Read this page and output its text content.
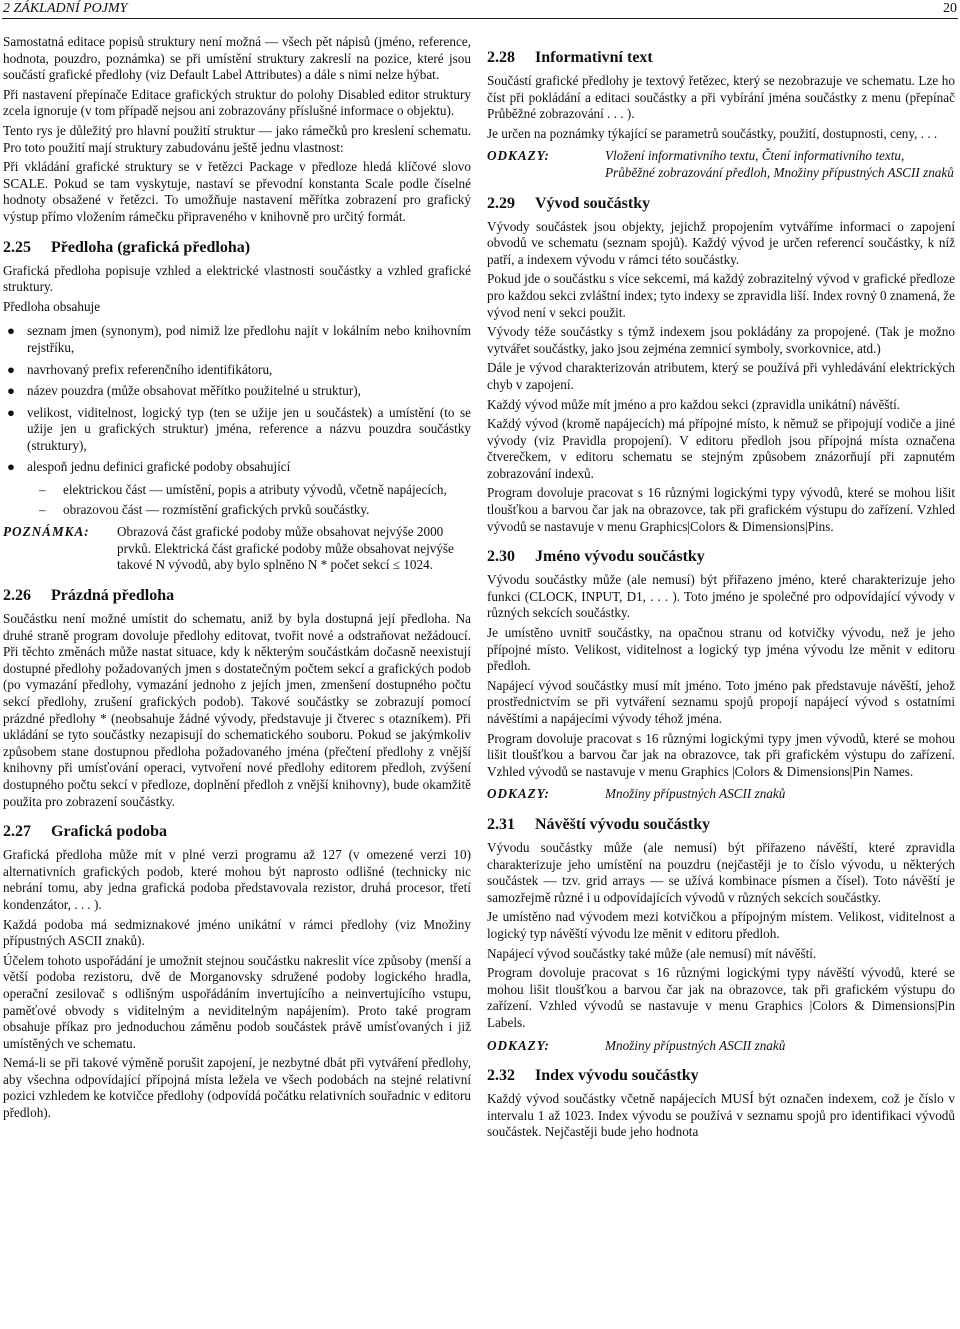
2 ZÁKLADNÍ POJMY	20

Samostatná editace popisů struktury není možná — všech pět nápisů (jméno, reference, hodnota, pouzdro, poznámka) se při umístění struktury zakreslí na pozice, které jsou součástí grafické předlohy (viz Default Label Attributes) a dále s nimi nelze hýbat.

Při nastavení přepínače Editace grafických struktur do polohy Disabled editor struktury zcela ignoruje (v tom případě nejsou ani zobrazovány příslušné informace o objektu).

Tento rys je důležitý pro hlavní použití struktur — jako rámečků pro kreslení schematu. Pro toto použití mají struktury zabudovánu ještě jednu vlastnost:

Při vkládání grafické struktury se v řetězci Package v předloze hledá klíčové slovo SCALE. Pokud se tam vyskytuje, nastaví se převodní konstanta Scale podle číselné hodnoty obsažené v řetězci. To umožňuje nastavení měřítka zobrazení pro grafický výstup přímo vložením rámečku připraveného v knihovně pro určitý formát.

2.25 Předloha (grafická předloha)

Grafická předloha popisuje vzhled a elektrické vlastnosti součástky a vzhled grafické struktury.

Předloha obsahuje

● seznam jmen (synonym), pod nimiž lze předlohu najít v lokálním nebo knihovním rejstříku,
● navrhovaný prefix referenčního identifikátoru,
● název pouzdra (může obsahovat měřítko použitelné u struktur),
● velikost, viditelnost, logický typ (ten se užije jen u součástek) a umístění (to se užije jen u grafických struktur) jména, reference a názvu pouzdra součástky (struktury),
● alespoň jednu definici grafické podoby obsahující
– elektrickou část — umístění, popis a atributy vývodů, včetně napájecích,
– obrazovou část — rozmístění grafických prvků součástky.
POZNÁMKA:	Obrazová část grafické podoby může obsahovat nejvýše 2000 prvků. Elektrická část grafické podoby může obsahovat nejvýše takové N vývodů, aby bylo splněno N * počet sekcí ≤ 1024.
2.26 Prázdná předloha

Součástku není možné umístit do schematu, aniž by byla dostupná její předloha. Na druhé straně program dovoluje předlohy editovat, tvořit nové a odstraňovat nežádoucí. Při těchto změnách může nastat situace, kdy k některým součástkám dočasně neexistují dostupné předlohy požadovaných jmen s dostatečným počtem sekcí a grafických podob (po vymazání předlohy, vymazání jednoho z jejích jmen, zmenšení dostupného počtu sekcí předlohy, zrušení grafických podob). Takové součástky se zobrazují pomocí prázdné předlohy * (neobsahuje žádné vývody, představuje ji čtverec s otazníkem). Při ukládání se tyto součástky nezapisují do schematického souboru. Pokud se jakýmkoliv způsobem stane dostupnou předloha požadovaného jména (přečtení předlohy z vnější knihovny při umísťování operaci, vytvoření nové předlohy editorem předloh, zvýšení dostupného počtu sekcí v předloze, doplnění předloh z vnější knihovny), bude okamžitě použita pro zobrazení součástky.

2.27 Grafická podoba

Grafická předloha může mít v plné verzi programu až 127 (v omezené verzi 10) alternativních grafických podob, které mohou být naprosto odlišné (technicky nic nebrání tomu, aby jedna grafická podoba představovala rezistor, druhá procesor, třetí kondenzátor, . . . ).

Každá podoba má sedmiznakové jméno unikátní v rámci předlohy (viz Množiny přípustných ASCII znaků).

Účelem tohoto uspořádání je umožnit stejnou součástku nakreslit více způsoby (menší a větší podoba rezistoru, dvě de Morganovsky sdružené podoby logického hradla, operační zesilovač s odlišným uspořádáním invertujícího a neinvertujícího vstupu, paměťové obvody s viditelným a neviditelným napájením). Proto také program obsahuje příkaz pro jednoduchou záměnu podob součástek právě umísťovaných i již umístěných ve schematu.

Nemá-li se při takové výměně porušit zapojení, je nezbytné dbát při vytváření předlohy, aby všechna odpovídající přípojná místa ležela ve všech podobách na stejné relativní pozici vzhledem ke kotvičce předlohy (odpovídá počátku relativních souřadnic v editoru předloh).

2.28 Informativní text

Součástí grafické předlohy je textový řetězec, který se nezobrazuje ve schematu. Lze ho číst při pokládání a editaci součástky a při vybírání jména součástky z menu (přepínač Průběžné zobrazování . . . ).

Je určen na poznámky týkající se parametrů součástky, použití, dostupnosti, ceny, . . .

ODKAZY:	Vložení informativního textu, Čtení informativního textu, Průběžné zobrazování předloh, Množiny přípustných ASCII znaků
2.29 Vývod součástky

Vývody součástek jsou objekty, jejichž propojením vytváříme informaci o zapojení obvodů ve schematu (seznam spojů). Každý vývod je určen referencí součástky, k níž patří, a indexem vývodu v rámci této součástky.

Pokud jde o součástku s více sekcemi, má každý zobrazitelný vývod v grafické předloze pro každou sekci zvláštní index; tyto indexy se zpravidla liší. Index rovný 0 znamená, že vývod není v sekci použit.

Vývody téže součástky s týmž indexem jsou pokládány za propojené. (Tak je možno vytvářet součástky, jako jsou zejména zemnicí symboly, svorkovnice, atd.)

Dále je vývod charakterizován atributem, který se používá při vyhledávání elektrických chyb v zapojení.

Každý vývod může mít jméno a pro každou sekci (zpravidla unikátní) návěští.

Každý vývod (kromě napájecích) má přípojné místo, k němuž se připojují vodiče a jiné vývody (viz Pravidla propojení). V editoru předloh jsou přípojná místa označena čtverečkem, v editoru schematu se stejným způsobem znázorňují při zapnutém zobrazování indexů.

Program dovoluje pracovat s 16 různými logickými typy vývodů, které se mohou lišit tloušťkou a barvou čar jak na obrazovce, tak při grafickém výstupu do zařízení. Vzhled vývodů se nastavuje v menu Graphics|Colors & Dimensions|Pins.

2.30 Jméno vývodu součástky

Vývodu součástky může (ale nemusí) být přiřazeno jméno, které charakterizuje jeho funkci (CLOCK, INPUT, D1, . . . ). Toto jméno je společné pro odpovídající vývody v různých sekcích součástky.

Je umístěno uvnitř součástky, na opačnou stranu od kotvičky vývodu, než je jeho přípojné místo. Velikost, viditelnost a logický typ jména vývodu lze měnit v editoru předloh.

Napájecí vývod součástky musí mít jméno. Toto jméno pak představuje návěští, jehož prostřednictvím se při vytváření seznamu spojů propojí napájecí vývod s ostatními návěštími a napájecími vývody téhož jména.

Program dovoluje pracovat s 16 různými logickými typy jmen vývodů, které se mohou lišit tloušťkou a barvou čar jak na obrazovce, tak při grafickém výstupu do zařízení. Vzhled vývodů se nastavuje v menu Graphics |Colors & Dimensions|Pin Names.

ODKAZY:	Množiny přípustných ASCII znaků
2.31 Návěští vývodu součástky

Vývodu součástky může (ale nemusí) být přiřazeno návěští, které zpravidla charakterizuje jeho umístění na pouzdru (nejčastěji je to číslo vývodu, u některých součástek — tzv. grid arrays — se užívá kombinace písmen a čísel). Toto návěští je samozřejmě různé i u odpovídajících vývodů v různých sekcích součástky.

Je umístěno nad vývodem mezi kotvičkou a přípojným místem. Velikost, viditelnost a logický typ návěští vývodu lze měnit v editoru předloh.

Napájecí vývod součástky také může (ale nemusí) mít návěští.

Program dovoluje pracovat s 16 různými logickými typy návěští vývodů, které se mohou lišit tloušťkou a barvou čar jak na obrazovce, tak při grafickém výstupu do zařízení. Vzhled vývodů se nastavuje v menu Graphics |Colors & Dimensions|Pin Labels.

ODKAZY:	Množiny přípustných ASCII znaků
2.32 Index vývodu součástky

Každý vývod součástky včetně napájecích MUSÍ být označen indexem, což je číslo v intervalu 1 až 1023. Index vývodu se používá v seznamu spojů pro identifikaci vývodů součástek. Nejčastěji bude jeho hodnota
